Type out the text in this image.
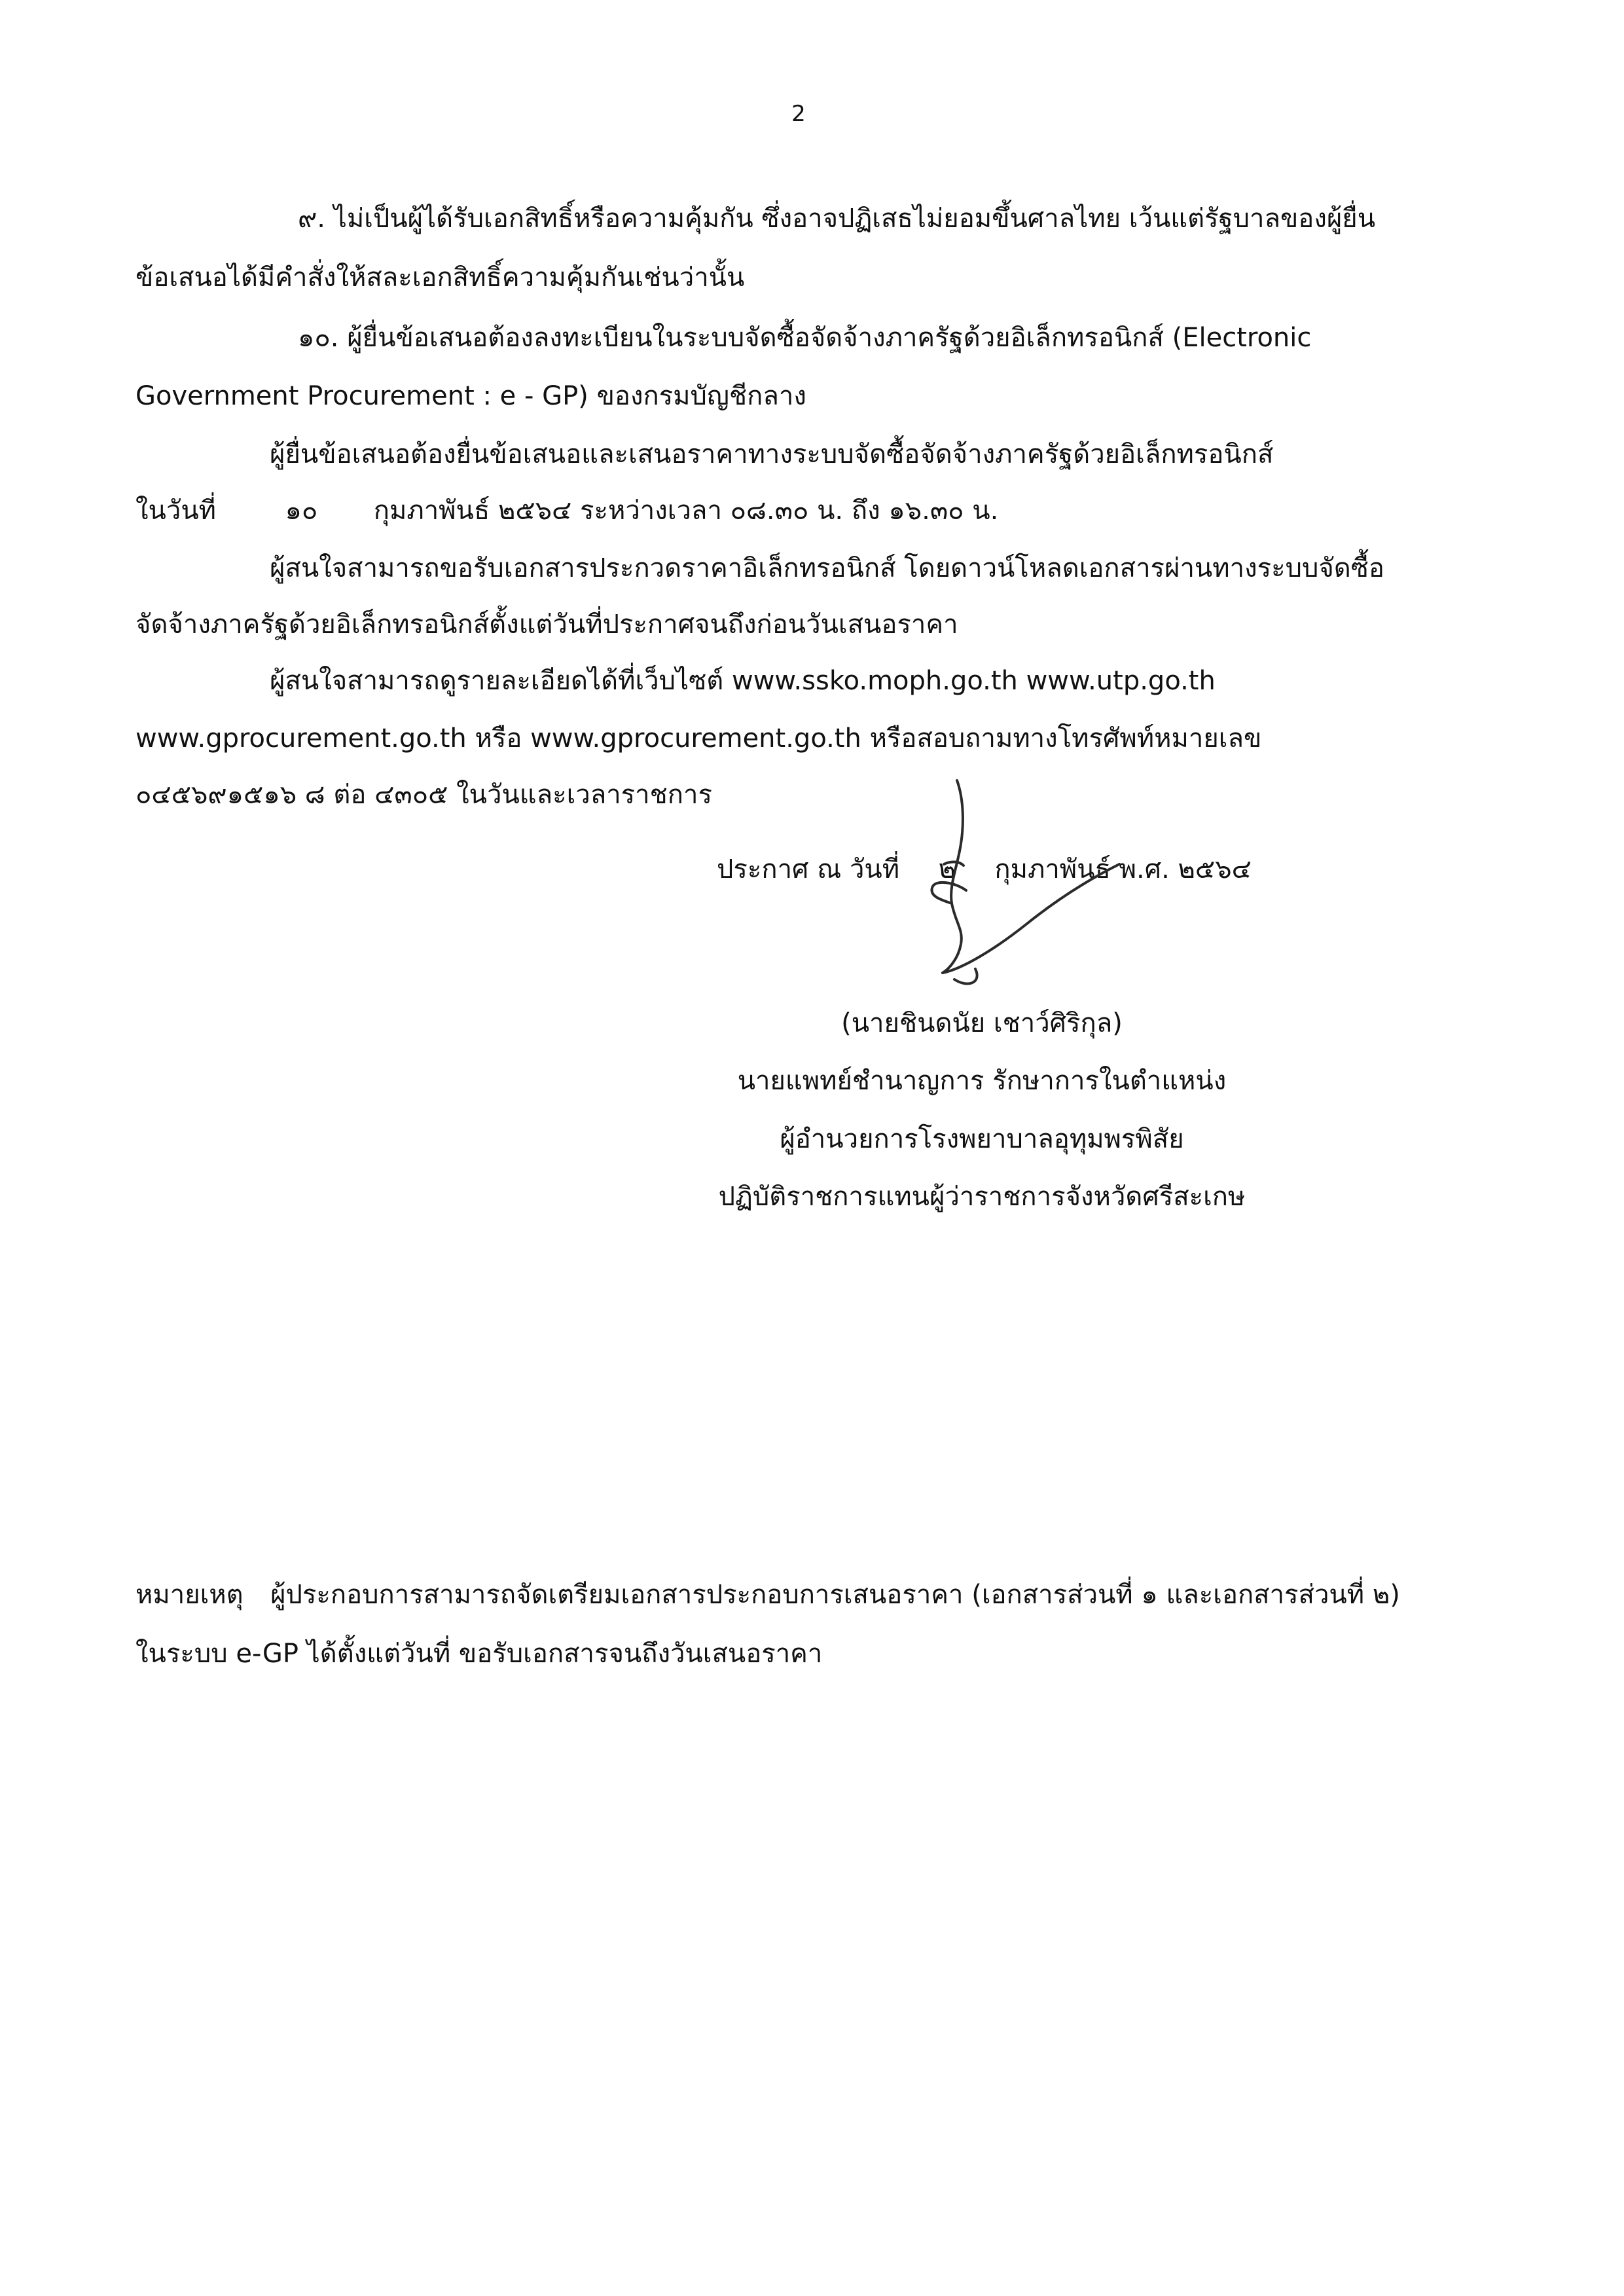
2
๙. ไม่เป็นผู้ได้รับเอกสิทธิ์หรือความคุ้มกัน ซึ่งอาจปฏิเสธไม่ยอมขึ้นศาลไทย เว้นแต่รัฐบาลของผู้ยื่น
ข้อเสนอได้มีคำสั่งให้สละเอกสิทธิ์ความคุ้มกันเช่นว่านั้น
๑๐. ผู้ยื่นข้อเสนอต้องลงทะเบียนในระบบจัดซื้อจัดจ้างภาครัฐด้วยอิเล็กทรอนิกส์ (Electronic
Government Procurement : e - GP) ของกรมบัญชีกลาง
ผู้ยื่นข้อเสนอต้องยื่นข้อเสนอและเสนอราคาทางระบบจัดซื้อจัดจ้างภาครัฐด้วยอิเล็กทรอนิกส์
ในวันที่	๑๐ กุมภาพันธ์ ๒๕๖๔ ระหว่างเวลา ๐๘.๓๐ น. ถึง ๑๖.๓๐ น.
ผู้สนใจสามารถขอรับเอกสารประกวดราคาอิเล็กทรอนิกส์ โดยดาวน์โหลดเอกสารผ่านทางระบบจัดซื้อ
จัดจ้างภาครัฐด้วยอิเล็กทรอนิกส์ตั้งแต่วันที่ประกาศจนถึงก่อนวันเสนอราคา
ผู้สนใจสามารถดูรายละเอียดได้ที่เว็บไซต์ www.ssko.moph.go.th www.utp.go.th
www.gprocurement.go.th หรือ www.gprocurement.go.th หรือสอบถามทางโทรศัพท์หมายเลข
๐๔๕๖๙๑๕๑๖ ๘ ต่อ ๔๓๐๕ ในวันและเวลาราชการ
ประกาศ ณ วันที่ ๒ กุมภาพันธ์ พ.ศ. ๒๕๖๔
(นายชินดนัย เชาว์ศิริกุล)
นายแพทย์ชำนาญการ รักษาการในตำแหน่ง
ผู้อำนวยการโรงพยาบาลอุทุมพรพิสัย
ปฏิบัติราชการแทนผู้ว่าราชการจังหวัดศรีสะเกษ
หมายเหตุ ผู้ประกอบการสามารถจัดเตรียมเอกสารประกอบการเสนอราคา (เอกสารส่วนที่ ๑ และเอกสารส่วนที่ ๒)
ในระบบ e-GP ได้ตั้งแต่วันที่ ขอรับเอกสารจนถึงวันเสนอราคา
